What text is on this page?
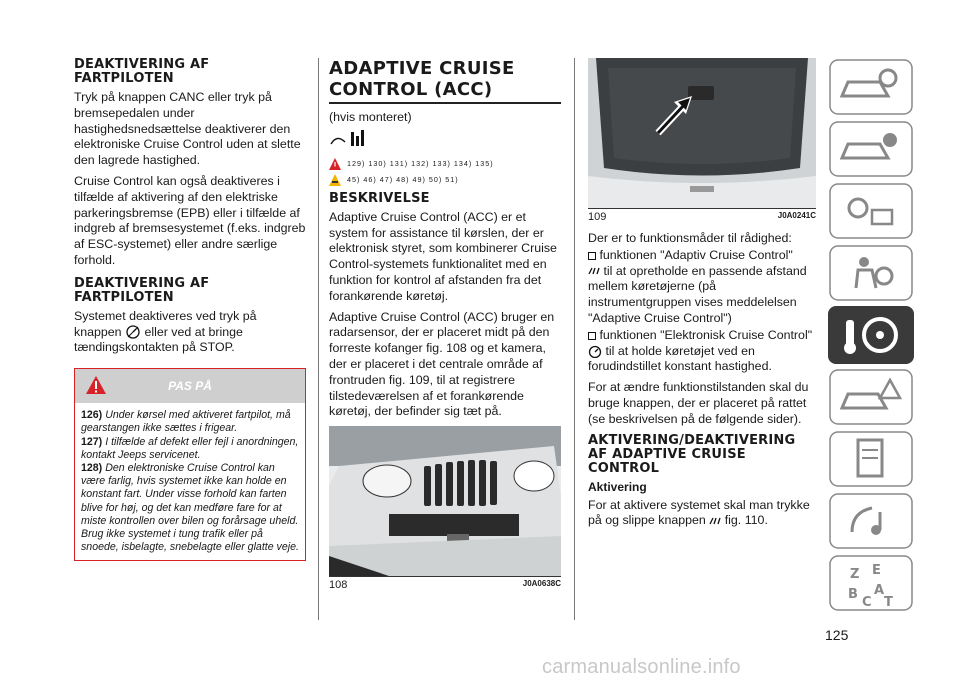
DEAKTIVERING AF FARTPILOTEN

Tryk på knappen CANC eller tryk på bremsepedalen under hastighedsnedsættelse deaktiverer den elektroniske Cruise Control uden at slette den lagrede hastighed.

Cruise Control kan også deaktiveres i tilfælde af aktivering af den elektriske parkeringsbremse (EPB) eller i tilfælde af indgreb af bremsesystemet (f.eks. indgreb af ESC-systemet) eller andre særlige forhold.

DEAKTIVERING AF FARTPILOTEN

Systemet deaktiveres ved tryk på knappen eller ved at bringe tændingskontakten på STOP.

PAS PÅ
126) Under kørsel med aktiveret fartpilot, må gearstangen ikke sættes i frigear.
127) I tilfælde af defekt eller fejl i anordningen, kontakt Jeeps servicenet.
128) Den elektroniske Cruise Control kan være farlig, hvis systemet ikke kan holde en konstant fart. Under visse forhold kan farten blive for høj, og det kan medføre fare for at miste kontrollen over bilen og forårsage uheld. Brug ikke systemet i tung trafik eller på snoede, isbelagte, snebelagte eller glatte veje.
ADAPTIVE CRUISE CONTROL (ACC)

(hvis monteret)

129) 130) 131) 132) 133) 134) 135)
45) 46) 47) 48) 49) 50) 51)
BESKRIVELSE

Adaptive Cruise Control (ACC) er et system for assistance til kørslen, der er elektronisk styret, som kombinerer Cruise Control-systemets funktionalitet med en funktion for kontrol af afstanden fra det forankørende køretøj.

Adaptive Cruise Control (ACC) bruger en radarsensor, der er placeret midt på den forreste kofanger fig. 108 og et kamera, der er placeret i det centrale område af frontruden fig. 109, til at registrere tilstedeværelsen af et forankørende køretøj, der befinder sig tæt på.

108	J0A0638C
109	J0A0241C

Der er to funktionsmåder til rådighed:

funktionen "Adaptiv Cruise Control"
til at opretholde en passende afstand mellem køretøjerne (på instrumentgruppen vises meddelelsen "Adaptive Cruise Control")

funktionen "Elektronisk Cruise Control"  til at holde køretøjet ved en forudindstillet konstant hastighed.

For at ændre funktionstilstanden skal du bruge knappen, der er placeret på rattet (se beskrivelsen på de følgende sider).

AKTIVERING/DEAKTIVERING AF ADAPTIVE CRUISE CONTROL
Aktivering

For at aktivere systemet skal man trykke på og slippe knappen fig. 110.

Z E
B A
C T
125
carmanualsonline.info
